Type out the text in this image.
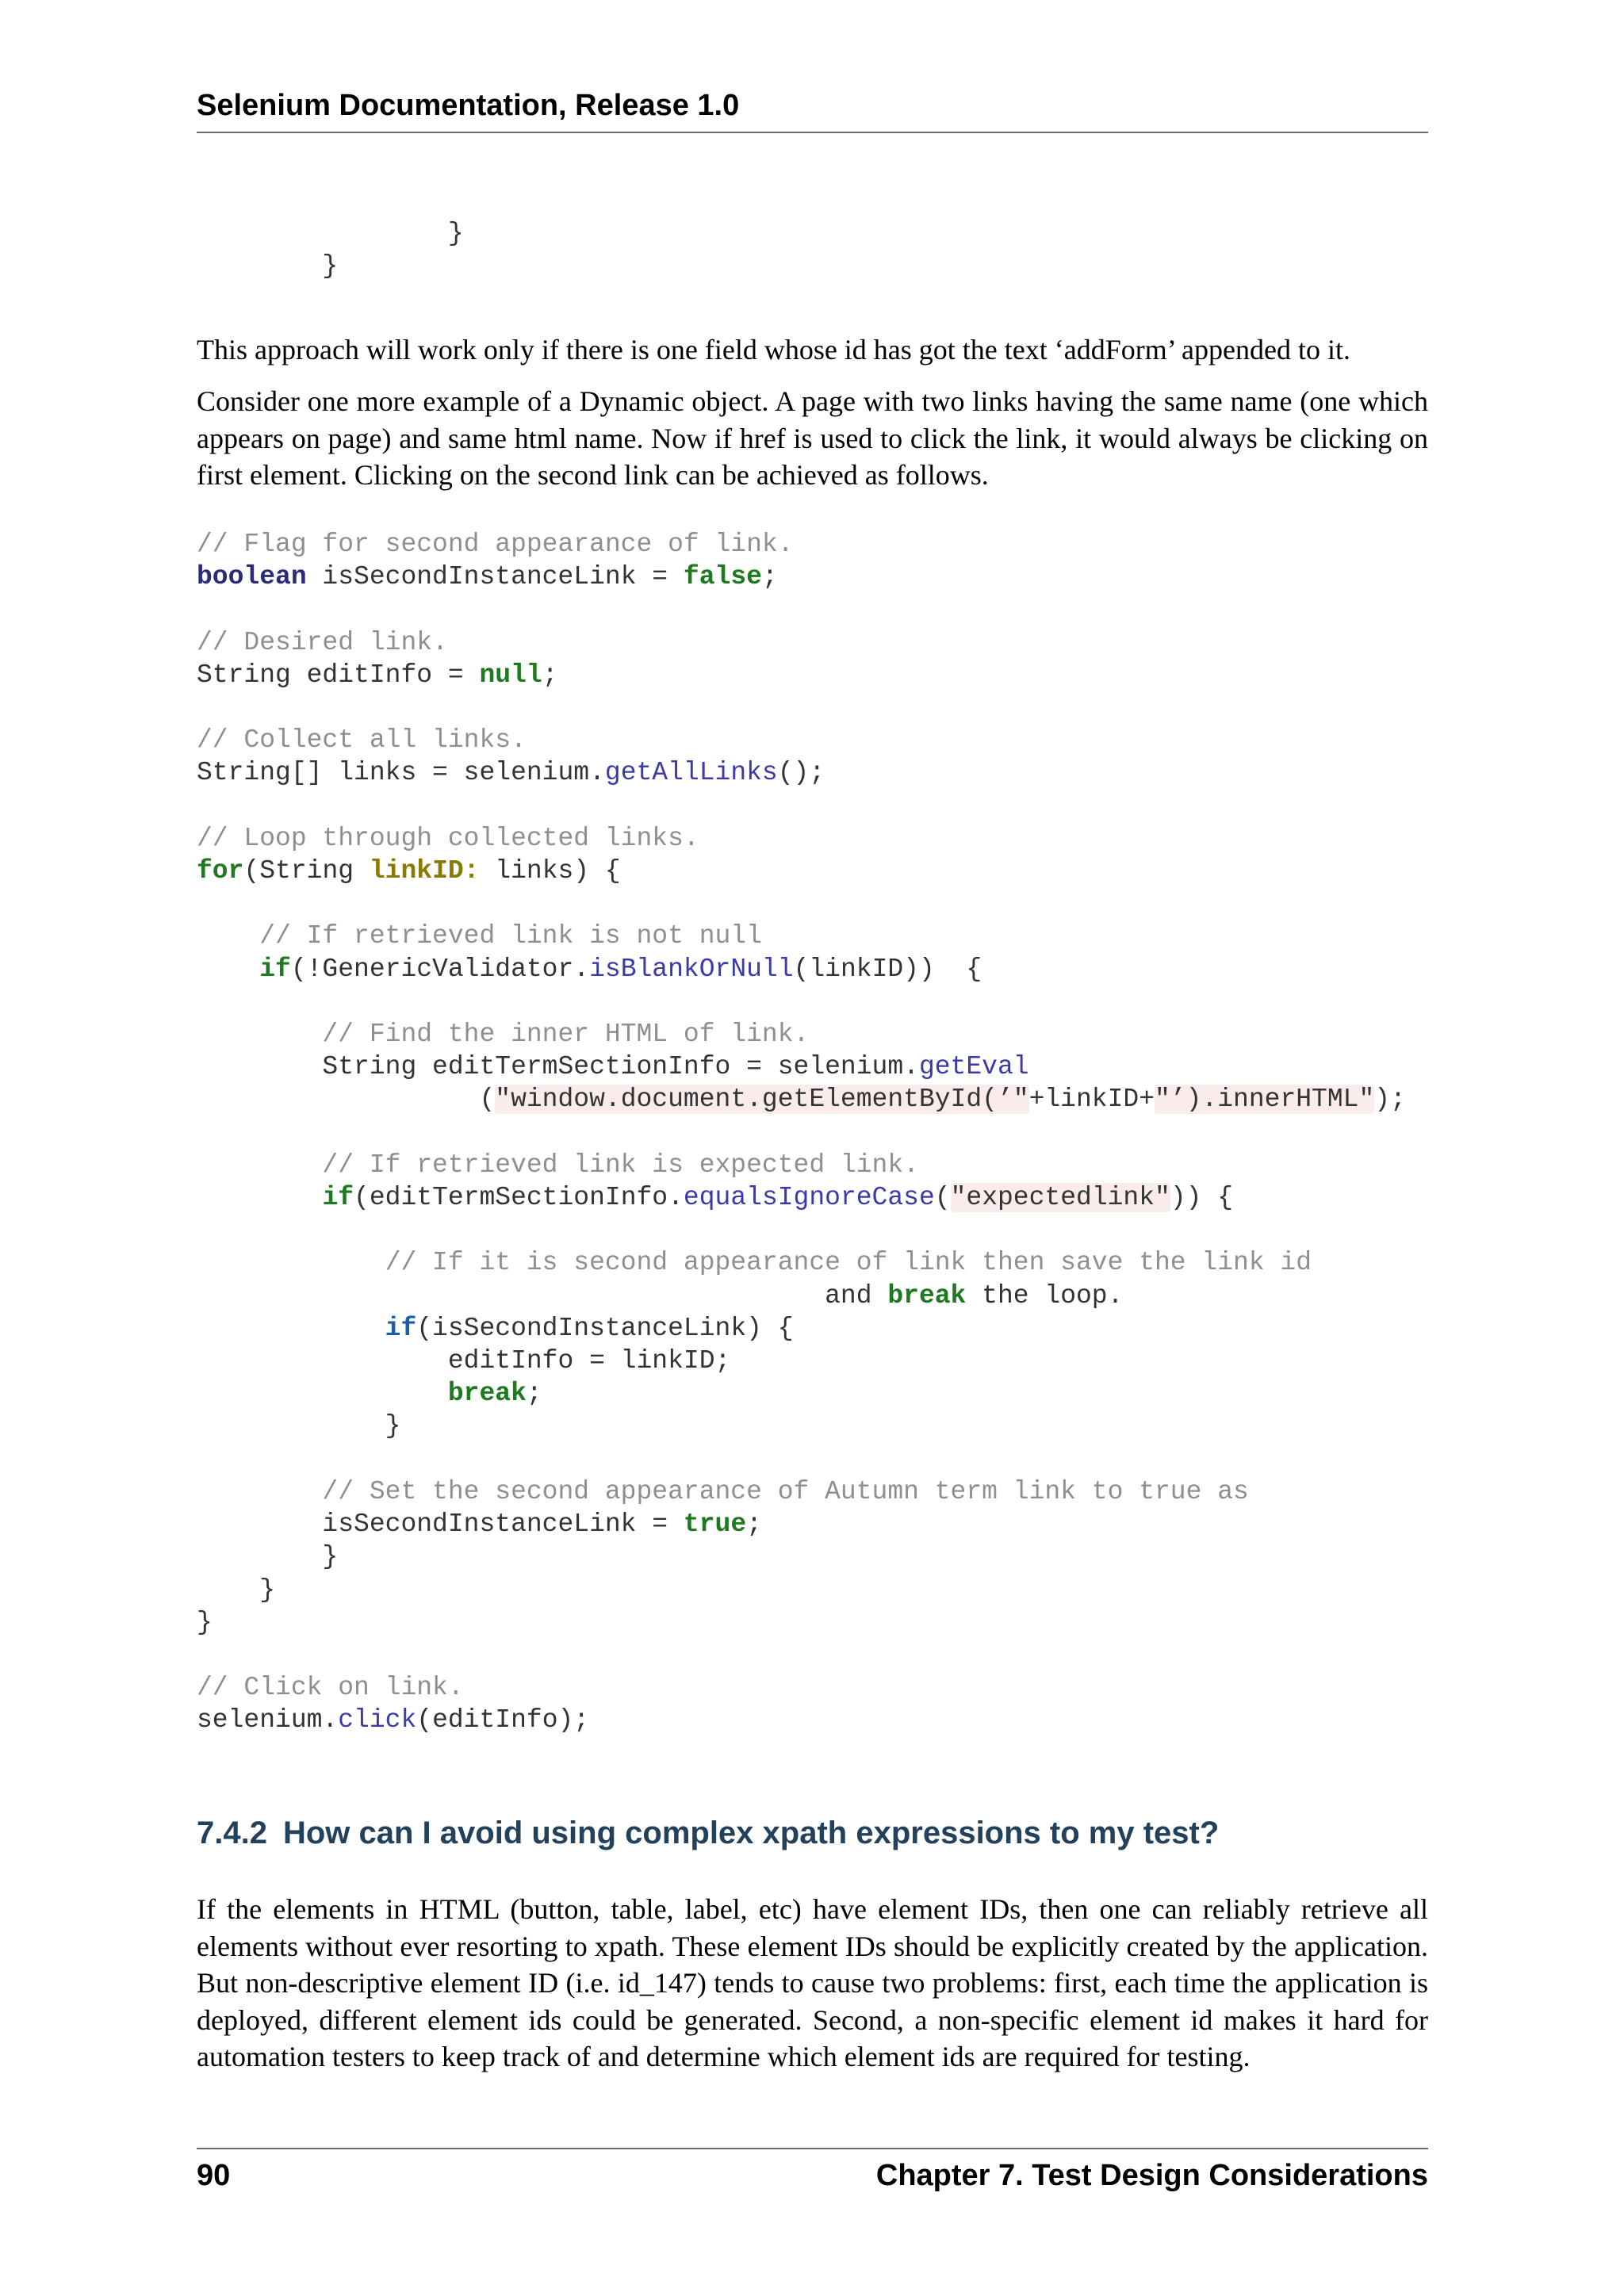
Selenium Documentation, Release 1.0
}
}

This approach will work only if there is one field whose id has got the text ‘addForm’ appended to it.

Consider one more example of a Dynamic object. A page with two links having the same name (one which appears on page) and same html name. Now if href is used to click the link, it would always be clicking on first element. Clicking on the second link can be achieved as follows.

// Flag for second appearance of link.
boolean isSecondInstanceLink = false;

// Desired link.
String editInfo = null;

// Collect all links.
String[] links = selenium.getAllLinks();

// Loop through collected links.
for(String linkID: links) {

// If retrieved link is not null
if(!GenericValidator.isBlankOrNull(linkID))  {

// Find the inner HTML of link.
String editTermSectionInfo = selenium.getEval
("window.document.getElementById(’"+linkID+"’).innerHTML");

// If retrieved link is expected link.
if(editTermSectionInfo.equalsIgnoreCase("expectedlink")) {

// If it is second appearance of link then save the link id
and break the loop.
if(isSecondInstanceLink) {
editInfo = linkID;
break;
}

// Set the second appearance of Autumn term link to true as
isSecondInstanceLink = true;
}
}
}

// Click on link.
selenium.click(editInfo);
7.4.2 How can I avoid using complex xpath expressions to my test?

If the elements in HTML (button, table, label, etc) have element IDs, then one can reliably retrieve all elements without ever resorting to xpath. These element IDs should be explicitly created by the application. But non-descriptive element ID (i.e. id_147) tends to cause two problems: first, each time the application is deployed, different element ids could be generated. Second, a non-specific element id makes it hard for automation testers to keep track of and determine which element ids are required for testing.

90	Chapter 7. Test Design Considerations
